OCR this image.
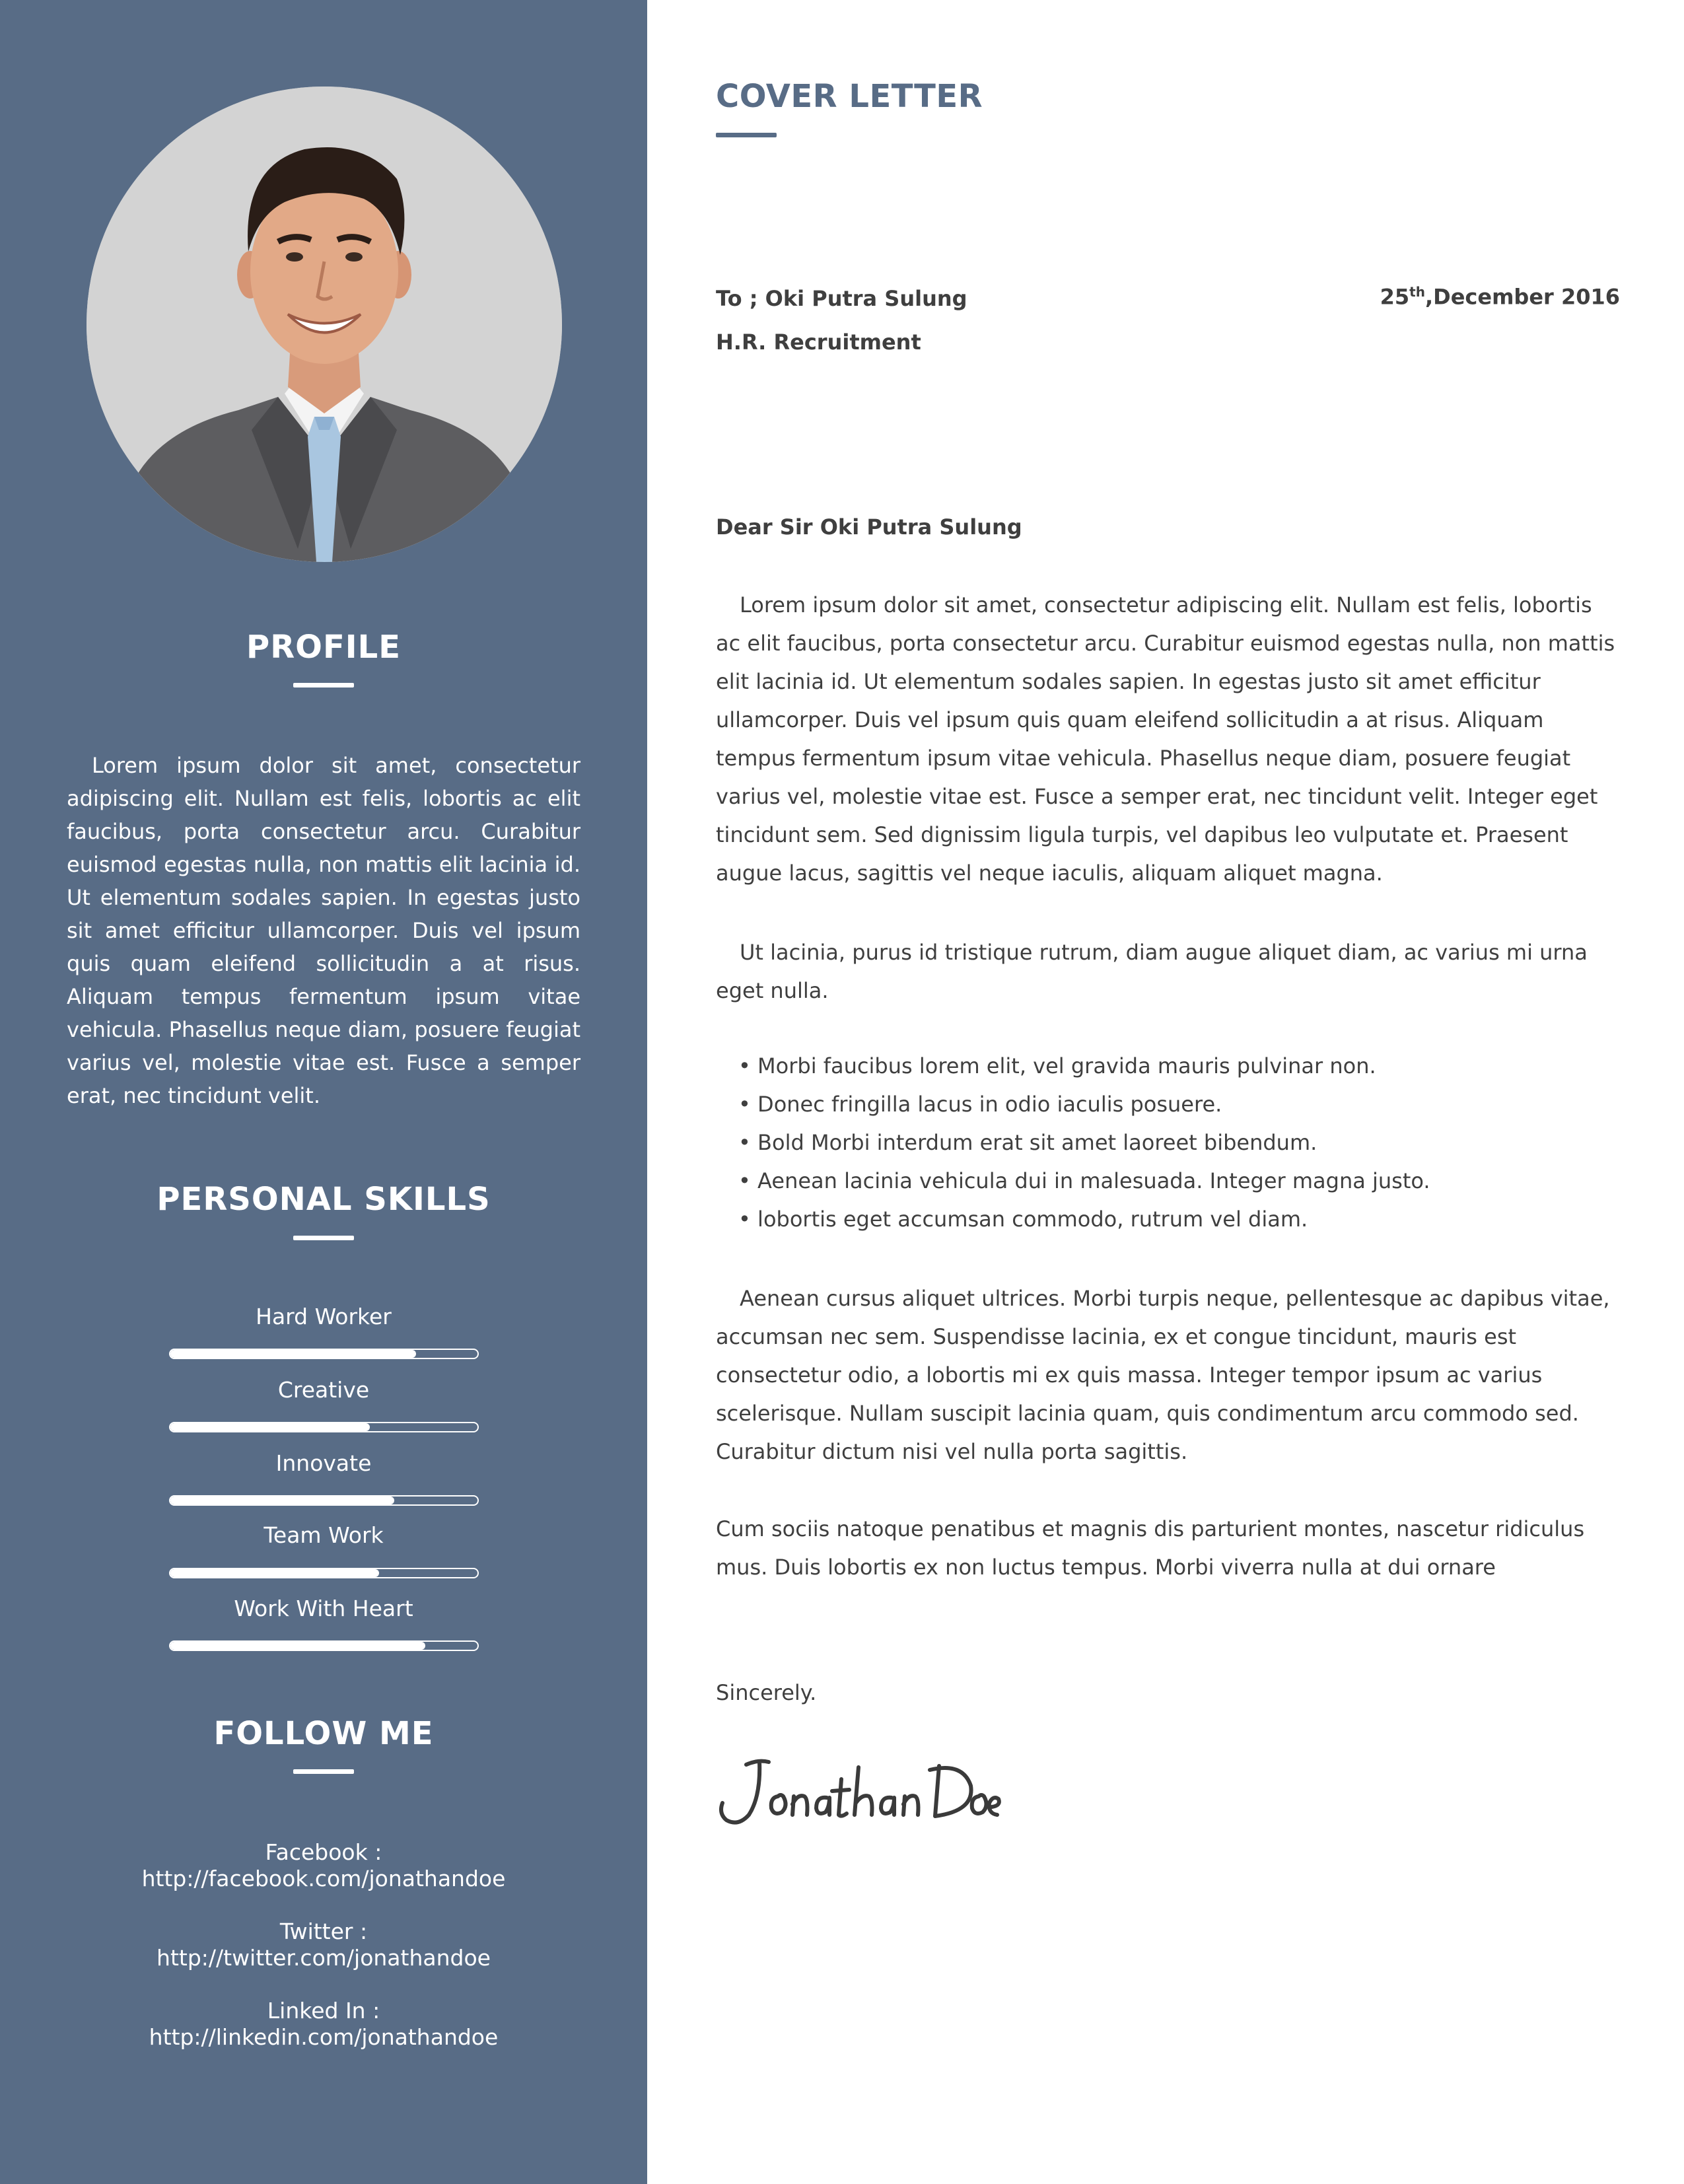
PROFILE

Lorem ipsum dolor sit amet, consectetur adipiscing elit. Nullam est felis, lobortis ac elit faucibus, porta consectetur arcu. Curabitur euismod egestas nulla, non mattis elit lacinia id. Ut elementum sodales sapien. In egestas justo sit amet efficitur ullamcorper. Duis vel ipsum quis quam eleifend sollicitudin a at risus. Aliquam tempus fermentum ipsum vitae vehicula. Phasellus neque diam, posuere feugiat varius vel, molestie vitae est. Fusce a semper erat, nec tincidunt velit.

PERSONAL SKILLS
Hard Worker
Creative
Innovate
Team Work
Work With Heart
FOLLOW ME
Facebook :
http://facebook.com/jonathandoe
Twitter :
http://twitter.com/jonathandoe
Linked In :
http://linkedin.com/jonathandoe
COVER LETTER
To ; Oki Putra Sulung
H.R. Recruitment
25th,December 2016
Dear Sir Oki Putra Sulung

Lorem ipsum dolor sit amet, consectetur adipiscing elit. Nullam est felis, lobortis ac elit faucibus, porta consectetur arcu. Curabitur euismod egestas nulla, non mattis elit lacinia id. Ut elementum sodales sapien. In egestas justo sit amet efficitur ullamcorper. Duis vel ipsum quis quam eleifend sollicitudin a at risus. Aliquam tempus fermentum ipsum vitae vehicula. Phasellus neque diam, posuere feugiat varius vel, molestie vitae est. Fusce a semper erat, nec tincidunt velit. Integer eget tincidunt sem. Sed dignissim ligula turpis, vel dapibus leo vulputate et. Praesent augue lacus, sagittis vel neque iaculis, aliquam aliquet magna.

Ut lacinia, purus id tristique rutrum, diam augue aliquet diam, ac varius mi urna eget nulla.

• Morbi faucibus lorem elit, vel gravida mauris pulvinar non.
• Donec fringilla lacus in odio iaculis posuere.
• Bold Morbi interdum erat sit amet laoreet bibendum.
• Aenean lacinia vehicula dui in malesuada. Integer magna justo.
• lobortis eget accumsan commodo, rutrum vel diam.

Aenean cursus aliquet ultrices. Morbi turpis neque, pellentesque ac dapibus vitae, accumsan nec sem. Suspendisse lacinia, ex et congue tincidunt, mauris est consectetur odio, a lobortis mi ex quis massa. Integer tempor ipsum ac varius scelerisque. Nullam suscipit lacinia quam, quis condimentum arcu commodo sed. Curabitur dictum nisi vel nulla porta sagittis.

Cum sociis natoque penatibus et magnis dis parturient montes, nascetur ridiculus mus. Duis lobortis ex non luctus tempus. Morbi viverra nulla at dui ornare

Sincerely.
